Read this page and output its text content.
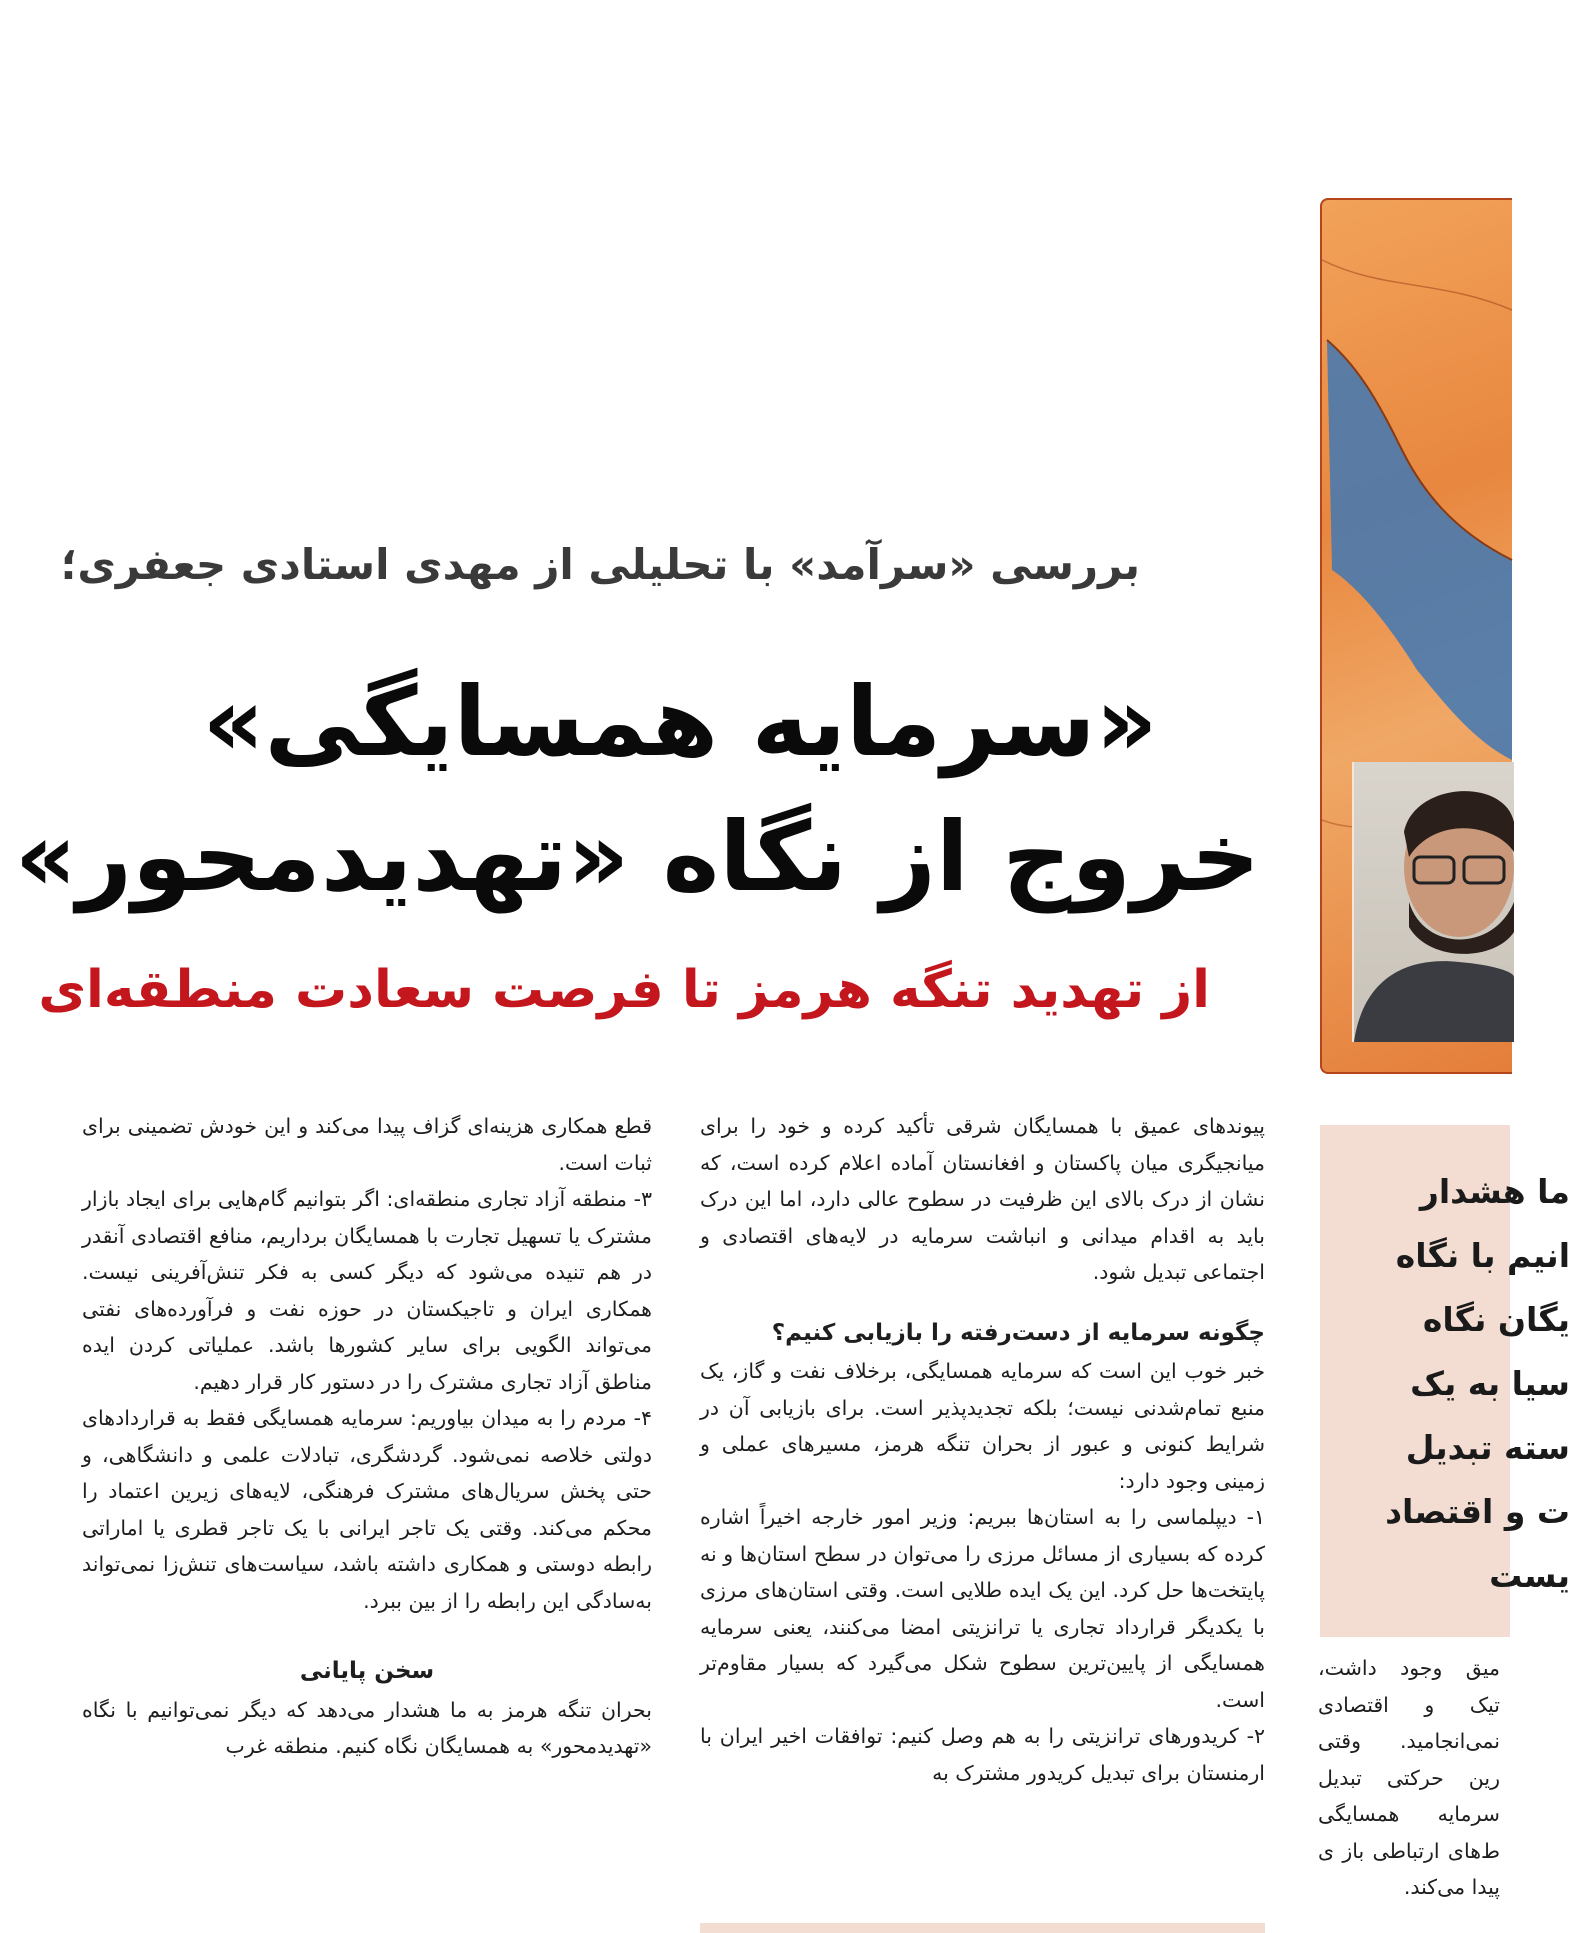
بررسی «سرآمد» با تحلیلی از مهدی استادی جعفری؛
«سرمایه همسایگی»
خروج از نگاه «تهدیدمحور»
از تهدید تنگه هرمز تا فرصت سعادت منطقه‌ای
ما هشدار
انیم با نگاه
یگان نگاه
سیا به یک
سته تبدیل
ت و اقتصاد
یست

پیوندهای عمیق با همسایگان شرقی تأکید کرده و خود را برای میانجیگری میان پاکستان و افغانستان آماده اعلام کرده است، که نشان از درک بالای این ظرفیت در سطوح عالی دارد، اما این درک باید به اقدام میدانی و انباشت سرمایه در لایه‌های اقتصادی و اجتماعی تبدیل شود.

چگونه سرمایه از دست‌رفته را بازیابی کنیم؟

خبر خوب این است که سرمایه همسایگی، برخلاف نفت و گاز، یک منبع تمام‌شدنی نیست؛ بلکه تجدیدپذیر است. برای بازیابی آن در شرایط کنونی و عبور از بحران تنگه هرمز، مسیرهای عملی و زمینی وجود دارد:

۱- دیپلماسی را به استان‌ها ببریم: وزیر امور خارجه اخیراً اشاره کرده که بسیاری از مسائل مرزی را می‌توان در سطح استان‌ها و نه پایتخت‌ها حل کرد. این یک ایده طلایی است. وقتی استان‌های مرزی با یکدیگر قرارداد تجاری یا ترانزیتی امضا می‌کنند، یعنی سرمایه همسایگی از پایین‌ترین سطوح شکل می‌گیرد که بسیار مقاوم‌تر است.

۲- کریدورهای ترانزیتی را به هم وصل کنیم: توافقات اخیر ایران با ارمنستان برای تبدیل کریدور مشترک به

قطع همکاری هزینه‌ای گزاف پیدا می‌کند و این خودش تضمینی برای ثبات است.

۳- منطقه آزاد تجاری منطقه‌ای: اگر بتوانیم گام‌هایی برای ایجاد بازار مشترک یا تسهیل تجارت با همسایگان برداریم، منافع اقتصادی آنقدر در هم تنیده می‌شود که دیگر کسی به فکر تنش‌آفرینی نیست. همکاری ایران و تاجیکستان در حوزه نفت و فرآورده‌های نفتی می‌تواند الگویی برای سایر کشورها باشد. عملیاتی کردن ایده مناطق آزاد تجاری مشترک را در دستور کار قرار دهیم.

۴- مردم را به میدان بیاوریم: سرمایه همسایگی فقط به قراردادهای دولتی خلاصه نمی‌شود. گردشگری، تبادلات علمی و دانشگاهی، و حتی پخش سریال‌های مشترک فرهنگی، لایه‌های زیرین اعتماد را محکم می‌کند. وقتی یک تاجر ایرانی با یک تاجر قطری یا اماراتی رابطه دوستی و همکاری داشته باشد، سیاست‌های تنش‌زا نمی‌تواند به‌سادگی این رابطه را از بین ببرد.

سخن پایانی

بحران تنگه هرمز به ما هشدار می‌دهد که دیگر نمی‌توانیم با نگاه «تهدیدمحور» به همسایگان نگاه کنیم. منطقه غرب

میق وجود داشت، تیک و اقتصادی نمی‌انجامید. وقتی رین حرکتی تبدیل سرمایه همسایگی ط‌های ارتباطی باز ی پیدا می‌کند.
